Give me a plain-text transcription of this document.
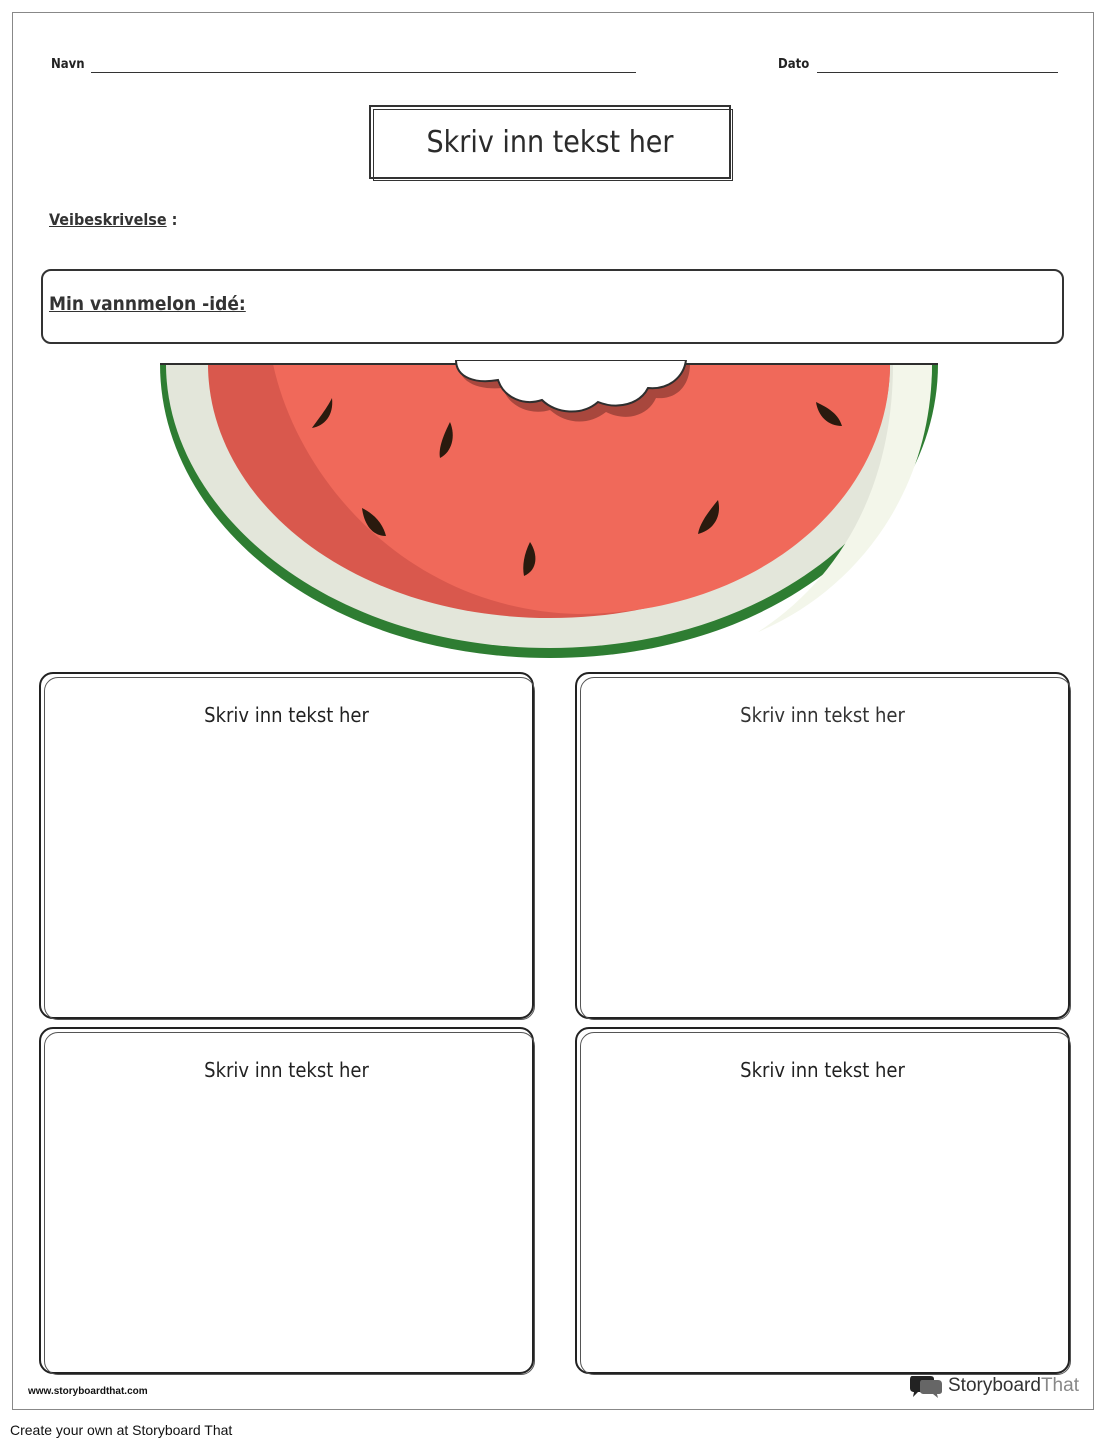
Navn	Dato
Skriv inn tekst her
Veibeskrivelse :
Min vannmelon -idé:
Skriv inn tekst her	Skriv inn tekst her
Skriv inn tekst her	Skriv inn tekst her
www.storyboardthat.com	StoryboardThat
Create your own at Storyboard That
